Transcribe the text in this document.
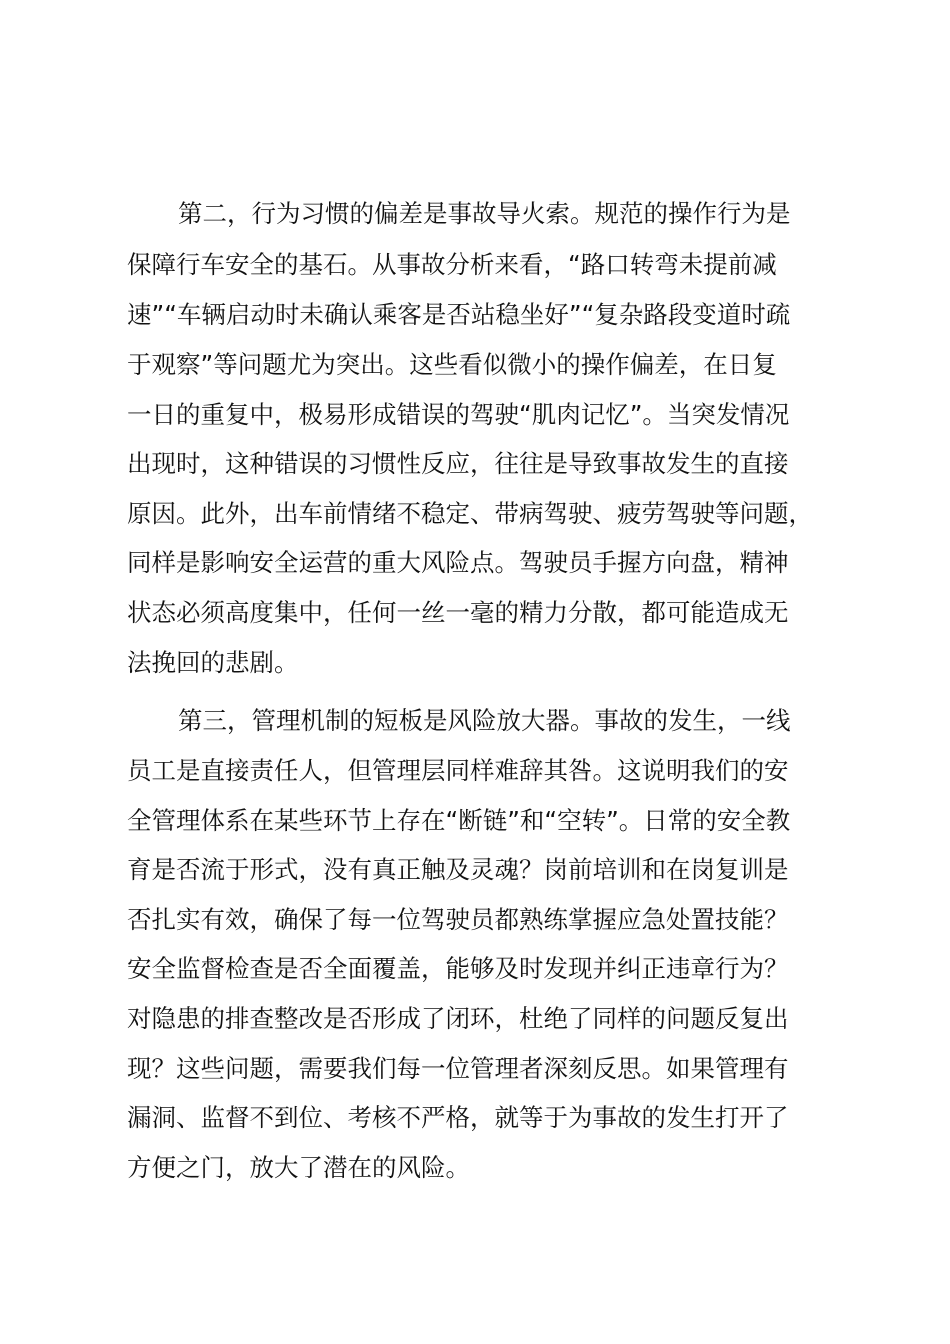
第二，行为习惯的偏差是事故导火索。规范的操作行为是

保障行车安全的基石。从事故分析来看，“路口转弯未提前减

速”“车辆启动时未确认乘客是否站稳坐好”“复杂路段变道时疏

于观察”等问题尤为突出。这些看似微小的操作偏差，在日复

一日的重复中，极易形成错误的驾驶“肌肉记忆”。当突发情况

出现时，这种错误的习惯性反应，往往是导致事故发生的直接

原因。此外，出车前情绪不稳定、带病驾驶、疲劳驾驶等问题，

同样是影响安全运营的重大风险点。驾驶员手握方向盘，精神

状态必须高度集中，任何一丝一毫的精力分散，都可能造成无

法挽回的悲剧。

第三，管理机制的短板是风险放大器。事故的发生，一线

员工是直接责任人，但管理层同样难辞其咎。这说明我们的安

全管理体系在某些环节上存在“断链”和“空转”。日常的安全教

育是否流于形式，没有真正触及灵魂？岗前培训和在岗复训是

否扎实有效，确保了每一位驾驶员都熟练掌握应急处置技能？

安全监督检查是否全面覆盖，能够及时发现并纠正违章行为？

对隐患的排查整改是否形成了闭环，杜绝了同样的问题反复出

现？这些问题，需要我们每一位管理者深刻反思。如果管理有

漏洞、监督不到位、考核不严格，就等于为事故的发生打开了

方便之门，放大了潜在的风险。
